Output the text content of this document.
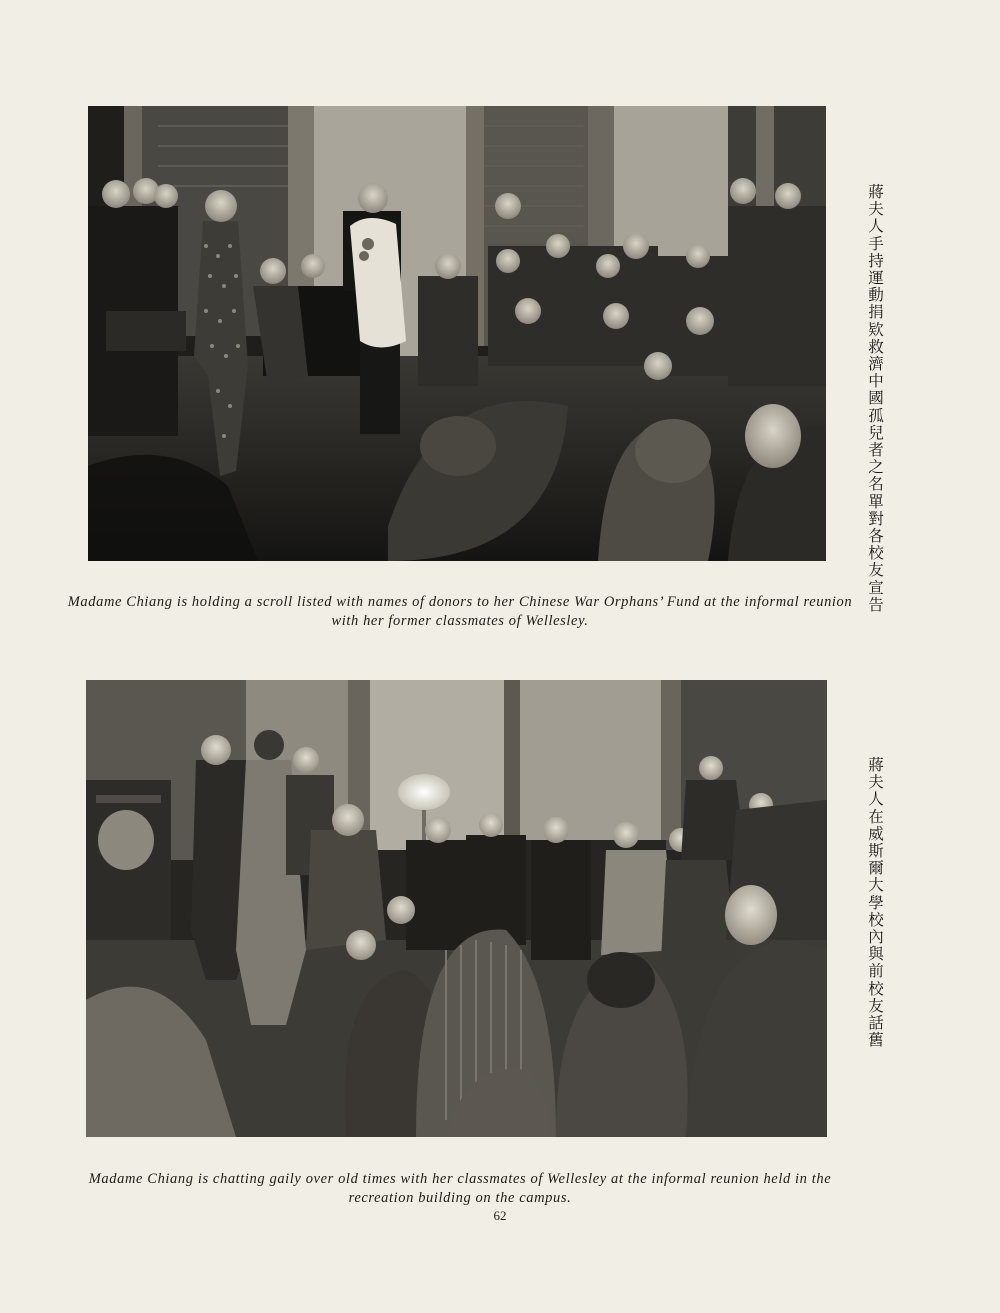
Madame Chiang is holding a scroll listed with names of donors to her Chinese War Orphans’ Fund at the informal reunion with her former classmates of Wellesley.

蔣夫人手持運動捐欵救濟中國孤兒者之名單對各校友宣告

Madame Chiang is chatting gaily over old times with her classmates of Wellesley at the informal reunion held in the recreation building on the campus.

蔣夫人在威斯爾大學校內與前校友話舊
62
